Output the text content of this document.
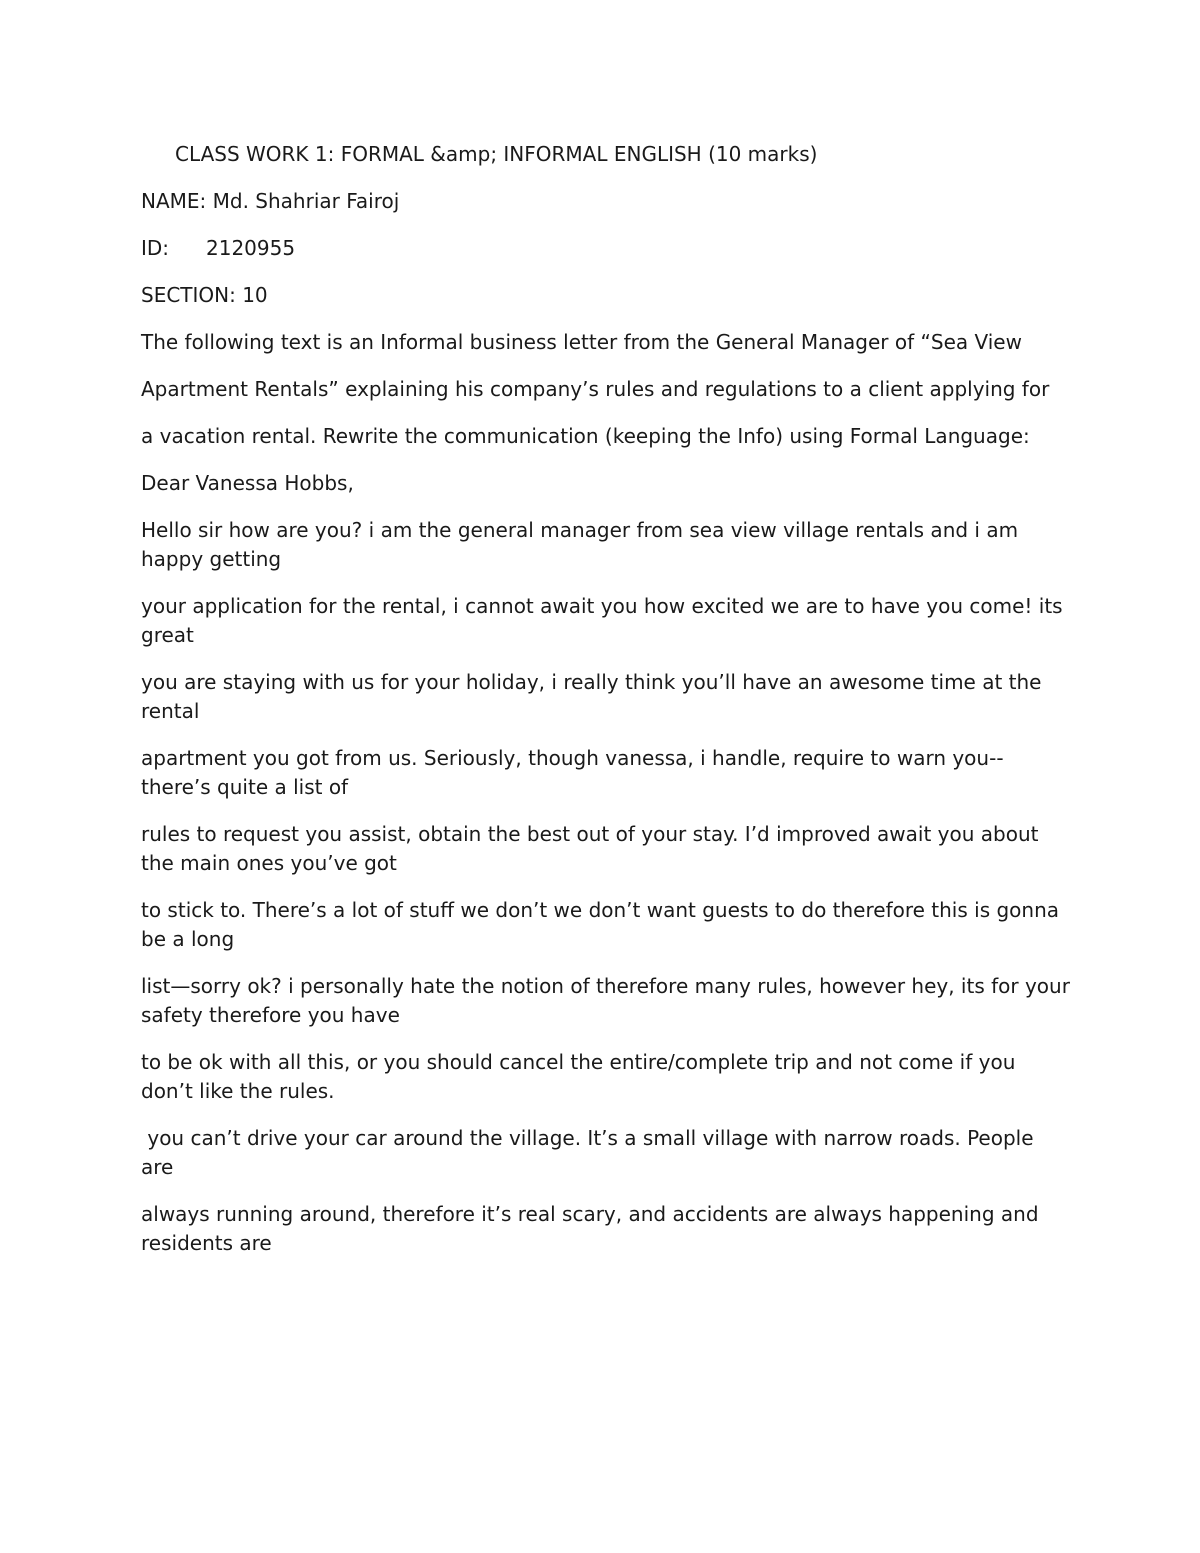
CLASS WORK 1: FORMAL &amp; INFORMAL ENGLISH (10 marks)

NAME: Md. Shahriar Fairoj

ID: 2120955

SECTION: 10

The following text is an Informal business letter from the General Manager of “Sea View

Apartment Rentals” explaining his company’s rules and regulations to a client applying for

a vacation rental. Rewrite the communication (keeping the Info) using Formal Language:

Dear Vanessa Hobbs,

Hello sir how are you? i am the general manager from sea view village rentals and i am happy getting

your application for the rental, i cannot await you how excited we are to have you come! its great

you are staying with us for your holiday, i really think you’ll have an awesome time at the rental

apartment you got from us. Seriously, though vanessa, i handle, require to warn you-- there’s quite a list of

rules to request you assist, obtain the best out of your stay. I’d improved await you about the main ones you’ve got

to stick to. There’s a lot of stuff we don’t we don’t want guests to do therefore this is gonna be a long

list—sorry ok? i personally hate the notion of therefore many rules, however hey, its for your safety therefore you have

to be ok with all this, or you should cancel the entire/complete trip and not come if you don’t like the rules.

you can’t drive your car around the village. It’s a small village with narrow roads. People are

always running around, therefore it’s real scary, and accidents are always happening and residents are
